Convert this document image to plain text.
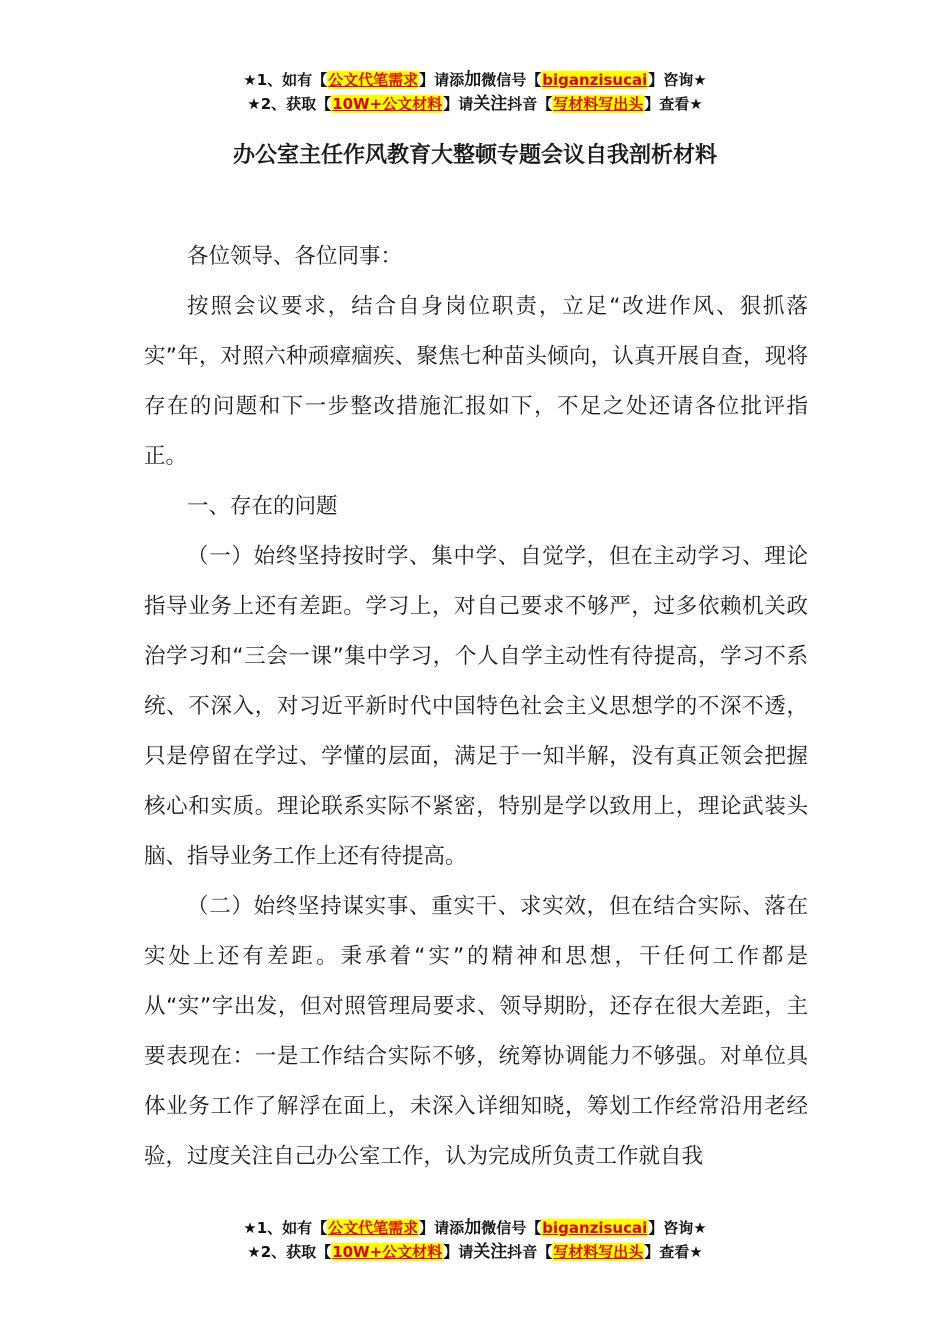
★1、如有【公文代笔需求】请添加微信号【biganzisucai】咨询★
★2、获取【10W+公文材料】请关注抖音【写材料写出头】查看★
办公室主任作风教育大整顿专题会议自我剖析材料

各位领导、各位同事：

按照会议要求，结合自身岗位职责，立足“改进作风、狠抓落实”年，对照六种顽瘴痼疾、聚焦七种苗头倾向，认真开展自查，现将存在的问题和下一步整改措施汇报如下，不足之处还请各位批评指正。

一、存在的问题

（一）始终坚持按时学、集中学、自觉学，但在主动学习、理论指导业务上还有差距。学习上，对自己要求不够严，过多依赖机关政治学习和“三会一课”集中学习，个人自学主动性有待提高，学习不系统、不深入，对习近平新时代中国特色社会主义思想学的不深不透，只是停留在学过、学懂的层面，满足于一知半解，没有真正领会把握核心和实质。理论联系实际不紧密，特别是学以致用上，理论武装头脑、指导业务工作上还有待提高。

（二）始终坚持谋实事、重实干、求实效，但在结合实际、落在实处上还有差距。秉承着“实”的精神和思想，干任何工作都是从“实”字出发，但对照管理局要求、领导期盼，还存在很大差距，主要表现在：一是工作结合实际不够，统筹协调能力不够强。对单位具体业务工作了解浮在面上，未深入详细知晓，筹划工作经常沿用老经验，过度关注自己办公室工作，认为完成所负责工作就自我

★1、如有【公文代笔需求】请添加微信号【biganzisucai】咨询★
★2、获取【10W+公文材料】请关注抖音【写材料写出头】查看★
